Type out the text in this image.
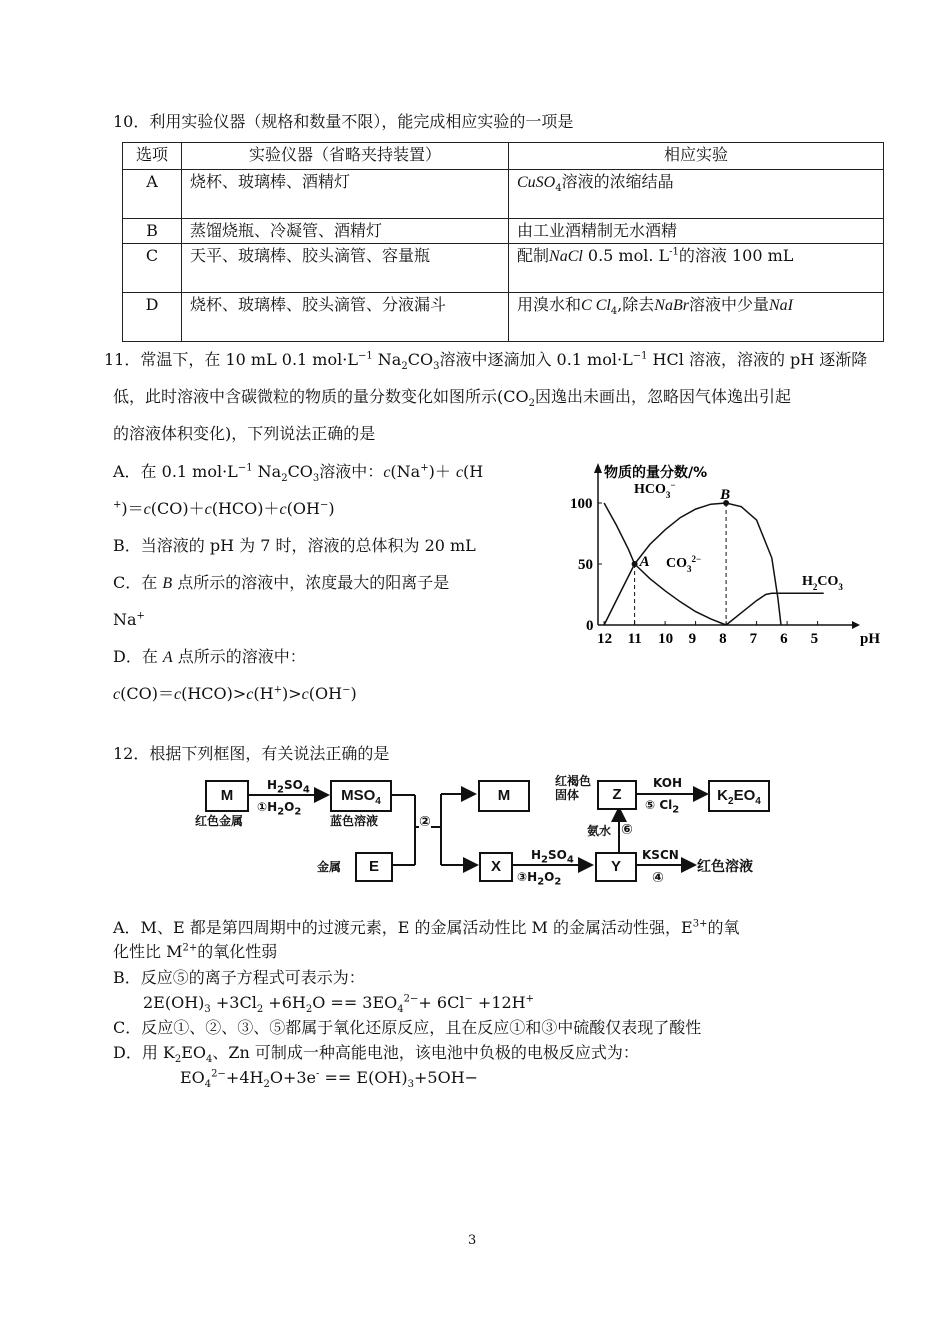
10．利用实验仪器（规格和数量不限），能完成相应实验的一项是
选项	实验仪器（省略夹持装置）	相应实验
A	烧杯、玻璃棒、酒精灯	CuSO$_4$溶液的浓缩结晶
B	蒸馏烧瓶、冷凝管、酒精灯	由工业酒精制无水酒精
C	天平、玻璃棒、胶头滴管、容量瓶	配制NaCl 0.5 mol. $L^{-1}$的溶液 100 mL
D	烧杯、玻璃棒、胶头滴管、分液漏斗	用溴水和C $Cl_4$,除去NaBr溶液中少量NaI
11．常温下，在 10 mL 0.1 $mol\cdot L^{-1}$ $Na_2CO_3$溶液中逐滴加入 0.1 $mol\cdot L^{-1}$ HCl 溶液，溶液的 pH 逐渐降
低，此时溶液中含碳微粒的物质的量分数变化如图所示($CO_2$因逸出未画出，忽略因气体逸出引起
的溶液体积变化)，下列说法正确的是
A．在 0.1 $mol\cdot L^{-1}$ $Na_2CO_3$溶液中：c(Na+)＋ c(H
+)＝c(CO)＋c(HCO)＋c(OH−)
B．当溶液的 pH 为 7 时，溶液的总体积为 20 mL
C．在 B 点所示的溶液中，浓度最大的阳离子是
Na+
D．在 A 点所示的溶液中：
c(CO)＝c(HCO)>c(H+)>c(OH−)
12 11 10 9 8 7 6 5
0
50
100
pH
物质的量分数/%
A
B
$HCO_3^-$
$CO_3^{2-}$
$H_2CO_3$
12．根据下列框图，有关说法正确的是
M	$MSO_4$
E
M
X	Y
Z	$K_2EO_4$
$H_2SO_4$
$①H_2O_2$
红色金属	蓝色溶液
金属
②
$H_2SO_4$
$③H_2O_2$
红褐色
固体
氨水 ⑥
KOH
⑤ $Cl_2$
KSCN
④
红色溶液
A．M、E 都是第四周期中的过渡元素，E 的金属活动性比 M 的金属活动性强，$E^{3+}$的氧
化性比 $M^{2+}$的氧化性弱
B．反应⑤的离子方程式可表示为：
$2E(OH)_3 +3Cl_2 +6H_2O == 3EO_4^{2-}+ 6Cl^- +12H^+$
C．反应①、②、③、⑤都属于氧化还原反应，且在反应①和③中硫酸仅表现了酸性
D．用 $K_2EO_4$、Zn 可制成一种高能电池，该电池中负极的电极反应式为：
$EO_4^{2-}+4H_2O+3e^- == E(OH)_3+5OH-$
3
